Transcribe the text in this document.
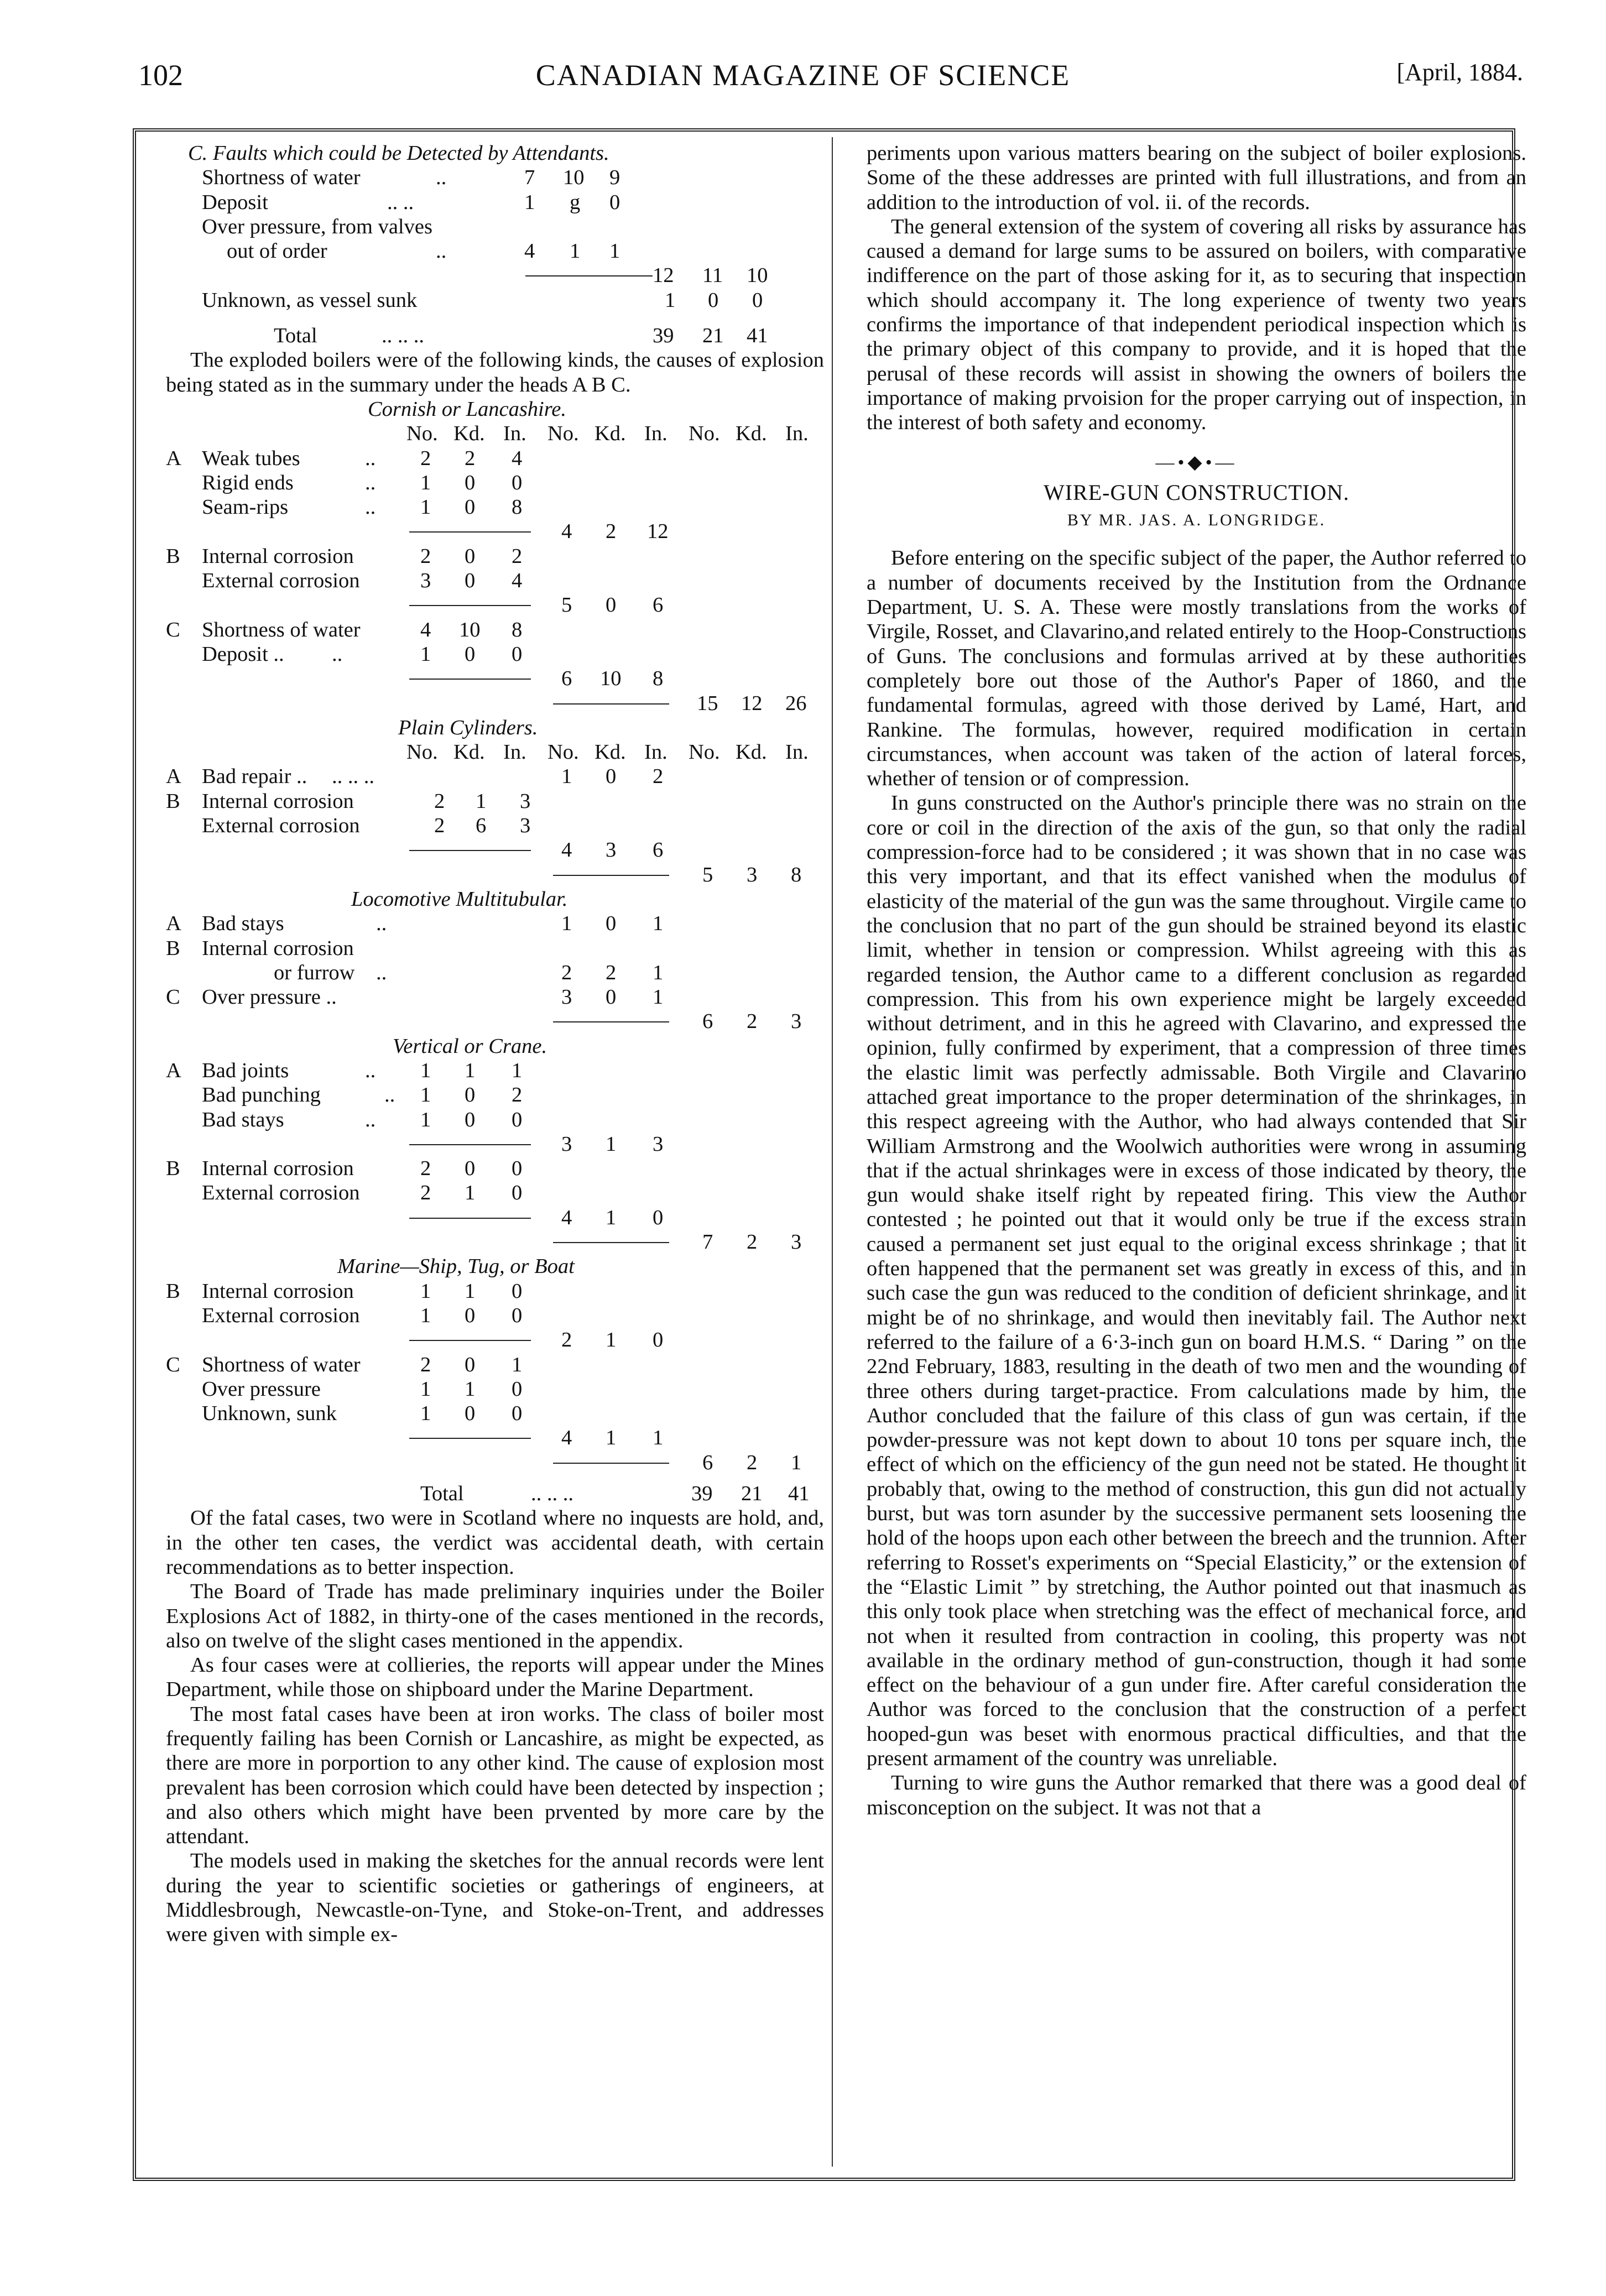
102	CANADIAN MAGAZINE OF SCIENCE	[April, 1884.
C. Faults which could be Detected by Attendants.
Shortness of water	..	7 10 9
Deposit	.. ..	1 g 0
Over pressure, from valves
out of order	..	4 1 1
12 11 10
Unknown, as vessel sunk	1 0 0
Total	.. .. ..	39 21 41

The exploded boilers were of the following kinds, the causes of explosion being stated as in the summary under the heads A B C.

Cornish or Lancashire.
No. Kd. In. No. Kd. In. No. Kd. In.
A Weak tubes	.. 2 2 4
Rigid ends	.. 1 0 0
Seam-rips	.. 1 0 8
4 2 12
B Internal corrosion	2 0 2
External corrosion	3 0 4
5 0 6
C Shortness of water	4 10 8
Deposit .. ..	1 0 0
6 10 8
15 12 26
Plain Cylinders.
No. Kd. In. No. Kd. In. No. Kd. In.
A Bad repair .. .. .. ..	1 0 2
B Internal corrosion	2 1 3
External corrosion	2 6 3
4 3 6
5 3 8
Locomotive Multitubular.
A Bad stays	..	1 0 1
B Internal corrosion
or furrow ..	2 2 1
C Over pressure ..	3 0 1
6 2 3
Vertical or Crane.
A Bad joints	.. 1 1 1
Bad punching	.. 1 0 2
Bad stays	.. 1 0 0
3 1 3
B Internal corrosion	2 0 0
External corrosion	2 1 0
4 1 0
7 2 3
Marine—Ship, Tug, or Boat
B Internal corrosion	1 1 0
External corrosion	1 0 0
2 1 0
C Shortness of water	2 0 1
Over pressure	1 1 0
Unknown, sunk	1 0 0
4 1 1
6 2 1
Total	.. .. ..	39 21 41

Of the fatal cases, two were in Scotland where no inquests are hold, and, in the other ten cases, the verdict was accidental death, with certain recommendations as to better inspection.

The Board of Trade has made preliminary inquiries under the Boiler Explosions Act of 1882, in thirty-one of the cases mentioned in the records, also on twelve of the slight cases mentioned in the appendix.

As four cases were at collieries, the reports will appear under the Mines Department, while those on shipboard under the Marine Department.

The most fatal cases have been at iron works. The class of boiler most frequently failing has been Cornish or Lancashire, as might be expected, as there are more in porportion to any other kind. The cause of explosion most prevalent has been corrosion which could have been detected by inspection ; and also others which might have been prvented by more care by the attendant.

The models used in making the sketches for the annual records were lent during the year to scientific societies or gatherings of engineers, at Middlesbrough, Newcastle-on-Tyne, and Stoke-on-Trent, and addresses were given with simple ex-

periments upon various matters bearing on the subject of boiler explosions. Some of the these addresses are printed with full illustrations, and from an addition to the introduction of vol. ii. of the records.

The general extension of the system of covering all risks by assurance has caused a demand for large sums to be assured on boilers, with comparative indifference on the part of those asking for it, as to securing that inspection which should accompany it. The long experience of twenty two years confirms the importance of that independent periodical inspection which is the primary object of this company to provide, and it is hoped that the perusal of these records will assist in showing the owners of boilers the importance of making prvoision for the proper carrying out of inspection, in the interest of both safety and economy.

—•◆•—
WIRE-GUN CONSTRUCTION.
BY MR. JAS. A. LONGRIDGE.

Before entering on the specific subject of the paper, the Author referred to a number of documents received by the Institution from the Ordnance Department, U. S. A. These were mostly translations from the works of Virgile, Rosset, and Clavarino,and related entirely to the Hoop-Constructions of Guns. The conclusions and formulas arrived at by these authorities completely bore out those of the Author's Paper of 1860, and the fundamental formulas, agreed with those derived by Lamé, Hart, and Rankine. The formulas, however, required modification in certain circumstances, when account was taken of the action of lateral forces, whether of tension or of compression.

In guns constructed on the Author's principle there was no strain on the core or coil in the direction of the axis of the gun, so that only the radial compression-force had to be considered ; it was shown that in no case was this very important, and that its effect vanished when the modulus of elasticity of the material of the gun was the same throughout. Virgile came to the conclusion that no part of the gun should be strained beyond its elastic limit, whether in tension or compression. Whilst agreeing with this as regarded tension, the Author came to a different conclusion as regarded compression. This from his own experience might be largely exceeded without detriment, and in this he agreed with Clavarino, and expressed the opinion, fully confirmed by experiment, that a compression of three times the elastic limit was perfectly admissable. Both Virgile and Clavarino attached great importance to the proper determination of the shrinkages, in this respect agreeing with the Author, who had always contended that Sir William Armstrong and the Woolwich authorities were wrong in assuming that if the actual shrinkages were in excess of those indicated by theory, the gun would shake itself right by repeated firing. This view the Author contested ; he pointed out that it would only be true if the excess strain caused a permanent set just equal to the original excess shrinkage ; that it often happened that the permanent set was greatly in excess of this, and in such case the gun was reduced to the condition of deficient shrinkage, and it might be of no shrinkage, and would then inevitably fail. The Author next referred to the failure of a 6·3-inch gun on board H.M.S. “ Daring ” on the 22nd February, 1883, resulting in the death of two men and the wounding of three others during target-practice. From calculations made by him, the Author concluded that the failure of this class of gun was certain, if the powder-pressure was not kept down to about 10 tons per square inch, the effect of which on the efficiency of the gun need not be stated. He thought it probably that, owing to the method of construction, this gun did not actually burst, but was torn asunder by the successive permanent sets loosening the hold of the hoops upon each other between the breech and the trunnion. After referring to Rosset's experiments on “Special Elasticity,” or the extension of the “Elastic Limit ” by stretching, the Author pointed out that inasmuch as this only took place when stretching was the effect of mechanical force, and not when it resulted from contraction in cooling, this property was not available in the ordinary method of gun-construction, though it had some effect on the behaviour of a gun under fire. After careful consideration the Author was forced to the conclusion that the construction of a perfect hooped-gun was beset with enormous practical difficulties, and that the present armament of the country was unreliable.

Turning to wire guns the Author remarked that there was a good deal of misconception on the subject. It was not that a
